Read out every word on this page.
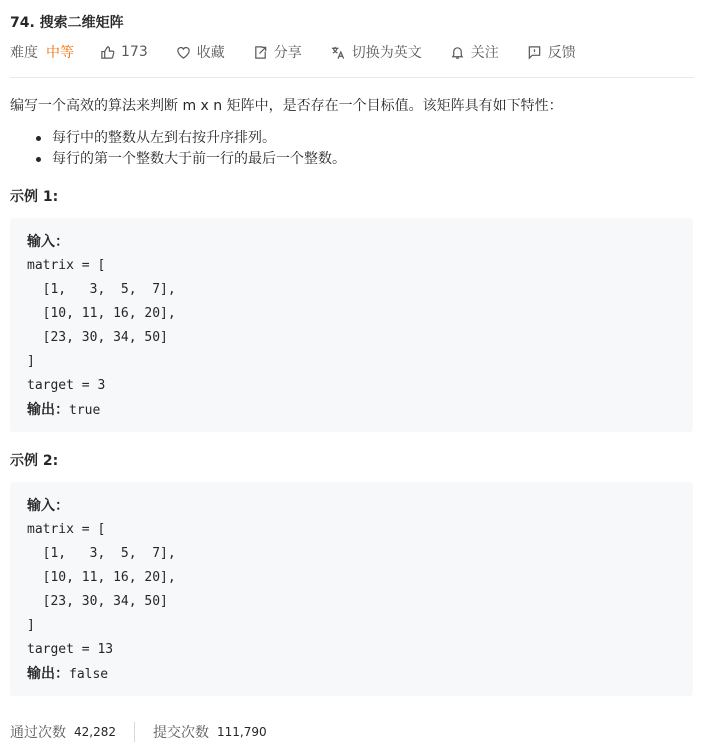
74. 搜索二维矩阵
难度 中等	173	收藏	分享	切换为英文	关注	反馈
编写一个高效的算法来判断 m x n 矩阵中，是否存在一个目标值。该矩阵具有如下特性：
每行中的整数从左到右按升序排列。
每行的第一个整数大于前一行的最后一个整数。
示例 1:
输入：
matrix = [
[1,   3,  5,  7],
[10, 11, 16, 20],
[23, 30, 34, 50]
]
target = 3
输出：true
示例 2:
输入：
matrix = [
[1,   3,  5,  7],
[10, 11, 16, 20],
[23, 30, 34, 50]
]
target = 13
输出：false
通过次数 42,282	提交次数 111,790
